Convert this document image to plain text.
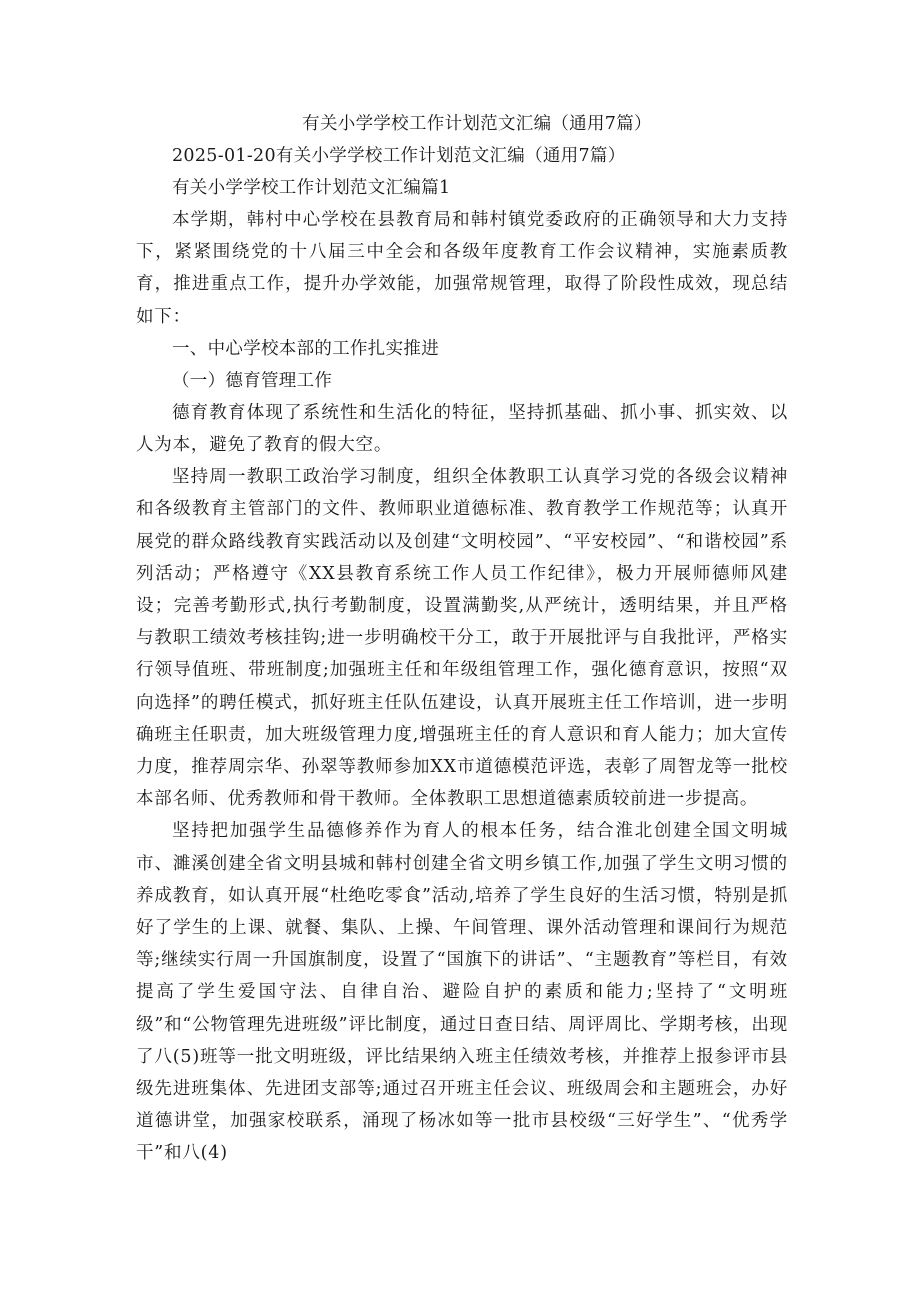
有关小学学校工作计划范文汇编（通用7篇）
2025-01-20有关小学学校工作计划范文汇编（通用7篇）
有关小学学校工作计划范文汇编篇1

本学期，韩村中心学校在县教育局和韩村镇党委政府的正确领导和大力支持下，紧紧围绕党的十八届三中全会和各级年度教育工作会议精神，实施素质教育，推进重点工作，提升办学效能，加强常规管理，取得了阶段性成效，现总结如下：

一、中心学校本部的工作扎实推进
（一）德育管理工作

德育教育体现了系统性和生活化的特征，坚持抓基础、抓小事、抓实效、以人为本，避免了教育的假大空。

坚持周一教职工政治学习制度，组织全体教职工认真学习党的各级会议精神和各级教育主管部门的文件、教师职业道德标准、教育教学工作规范等；认真开展党的群众路线教育实践活动以及创建“文明校园”、“平安校园”、“和谐校园”系列活动；严格遵守《XX县教育系统工作人员工作纪律》，极力开展师德师风建设；完善考勤形式,执行考勤制度，设置满勤奖,从严统计，透明结果，并且严格与教职工绩效考核挂钩;进一步明确校干分工，敢于开展批评与自我批评，严格实行领导值班、带班制度;加强班主任和年级组管理工作，强化德育意识，按照“双向选择”的聘任模式，抓好班主任队伍建设，认真开展班主任工作培训，进一步明确班主任职责，加大班级管理力度,增强班主任的育人意识和育人能力；加大宣传力度，推荐周宗华、孙翠等教师参加XX市道德模范评选，表彰了周智龙等一批校本部名师、优秀教师和骨干教师。全体教职工思想道德素质较前进一步提高。

坚持把加强学生品德修养作为育人的根本任务，结合淮北创建全国文明城市、濉溪创建全省文明县城和韩村创建全省文明乡镇工作,加强了学生文明习惯的养成教育，如认真开展“杜绝吃零食”活动,培养了学生良好的生活习惯，特别是抓好了学生的上课、就餐、集队、上操、午间管理、课外活动管理和课间行为规范等;继续实行周一升国旗制度，设置了“国旗下的讲话”、“主题教育”等栏目，有效提高了学生爱国守法、自律自治、避险自护的素质和能力;坚持了“文明班级”和“公物管理先进班级”评比制度，通过日查日结、周评周比、学期考核，出现了八(5)班等一批文明班级，评比结果纳入班主任绩效考核，并推荐上报参评市县级先进班集体、先进团支部等;通过召开班主任会议、班级周会和主题班会，办好道德讲堂，加强家校联系，涌现了杨冰如等一批市县校级“三好学生”、“优秀学干”和八(4)
